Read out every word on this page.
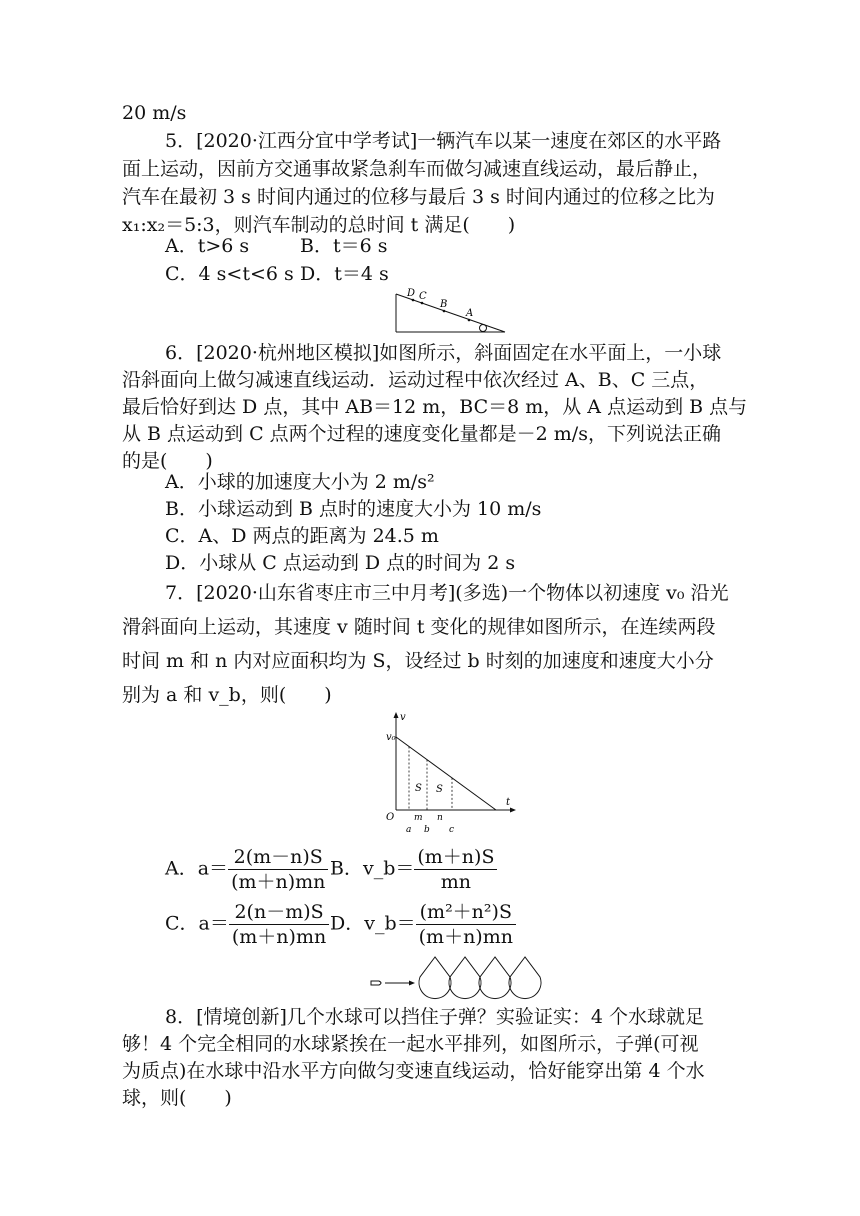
20 m/s
5．[2020·江西分宜中学考试]一辆汽车以某一速度在郊区的水平路
面上运动，因前方交通事故紧急刹车而做匀减速直线运动，最后静止，
汽车在最初 3 s 时间内通过的位移与最后 3 s 时间内通过的位移之比为
x₁:x₂＝5:3，则汽车制动的总时间 t 满足(　　)
A．t>6 s	B．t＝6 s
C．4 s<t<6 s D．t＝4 s
D C
B
A
6．[2020·杭州地区模拟]如图所示，斜面固定在水平面上，一小球
沿斜面向上做匀减速直线运动．运动过程中依次经过 A、B、C 三点，
最后恰好到达 D 点，其中 AB＝12 m，BC＝8 m，从 A 点运动到 B 点与
从 B 点运动到 C 点两个过程的速度变化量都是－2 m/s，下列说法正确
的是(　　)
A．小球的加速度大小为 2 m/s²
B．小球运动到 B 点时的速度大小为 10 m/s
C．A、D 两点的距离为 24.5 m
D．小球从 C 点运动到 D 点的时间为 2 s
7．[2020·山东省枣庄市三中月考](多选)一个物体以初速度 v₀ 沿光
滑斜面向上运动，其速度 v 随时间 t 变化的规律如图所示，在连续两段
时间 m 和 n 内对应面积均为 S，设经过 b 时刻的加速度和速度大小分
别为 a 和 v_b，则(　　)
v
v₀
t
O
S S
m n
a b c
A．$a= \frac{2(m-n)S}{(m+n)mn}$ B．v_b＝ $\frac{(m+n)S}{mn}$
C．$a= \frac{2(n-m)S}{(m+n)mn}$ D．v_b＝ $\frac{\text{(m²＋n²)S}}{(m+n)mn}$
8．[情境创新]几个水球可以挡住子弹？实验证实：4 个水球就足
够！4 个完全相同的水球紧挨在一起水平排列，如图所示，子弹(可视
为质点)在水球中沿水平方向做匀变速直线运动，恰好能穿出第 4 个水
球，则(　　)
